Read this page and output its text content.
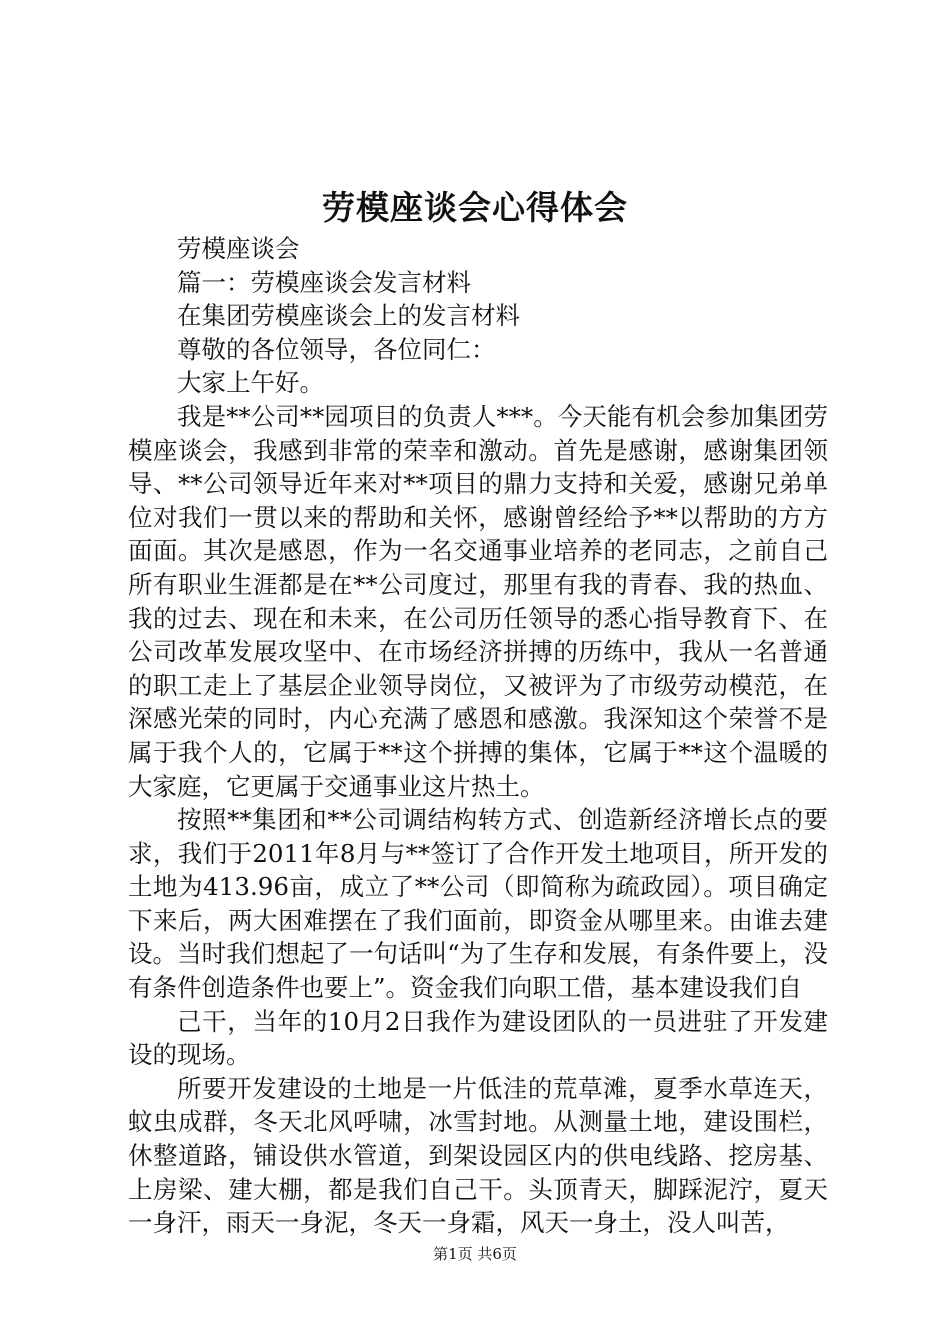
劳模座谈会心得体会

劳模座谈会

篇一：劳模座谈会发言材料

在集团劳模座谈会上的发言材料

尊敬的各位领导，各位同仁：

大家上午好。

我是**公司**园项目的负责人***。今天能有机会参加集团劳模座谈会，我感到非常的荣幸和激动。首先是感谢，感谢集团领导、**公司领导近年来对**项目的鼎力支持和关爱，感谢兄弟单位对我们一贯以来的帮助和关怀，感谢曾经给予**以帮助的方方面面。其次是感恩，作为一名交通事业培养的老同志，之前自己所有职业生涯都是在**公司度过，那里有我的青春、我的热血、我的过去、现在和未来，在公司历任领导的悉心指导教育下、在公司改革发展攻坚中、在市场经济拼搏的历练中，我从一名普通的职工走上了基层企业领导岗位，又被评为了市级劳动模范，在深感光荣的同时，内心充满了感恩和感激。我深知这个荣誉不是属于我个人的，它属于**这个拼搏的集体，它属于**这个温暖的大家庭，它更属于交通事业这片热土。

按照**集团和**公司调结构转方式、创造新经济增长点的要求，我们于2011年8月与**签订了合作开发土地项目，所开发的土地为413.96亩，成立了**公司（即简称为疏政园）。项目确定下来后，两大困难摆在了我们面前，即资金从哪里来。由谁去建设。当时我们想起了一句话叫“为了生存和发展，有条件要上，没有条件创造条件也要上”。资金我们向职工借，基本建设我们自

己干，当年的10月2日我作为建设团队的一员进驻了开发建设的现场。

所要开发建设的土地是一片低洼的荒草滩，夏季水草连天，蚊虫成群，冬天北风呼啸，冰雪封地。从测量土地，建设围栏，休整道路，铺设供水管道，到架设园区内的供电线路、挖房基、上房梁、建大棚，都是我们自己干。头顶青天，脚踩泥泞，夏天一身汗，雨天一身泥，冬天一身霜，风天一身土，没人叫苦，

第1页 共6页
